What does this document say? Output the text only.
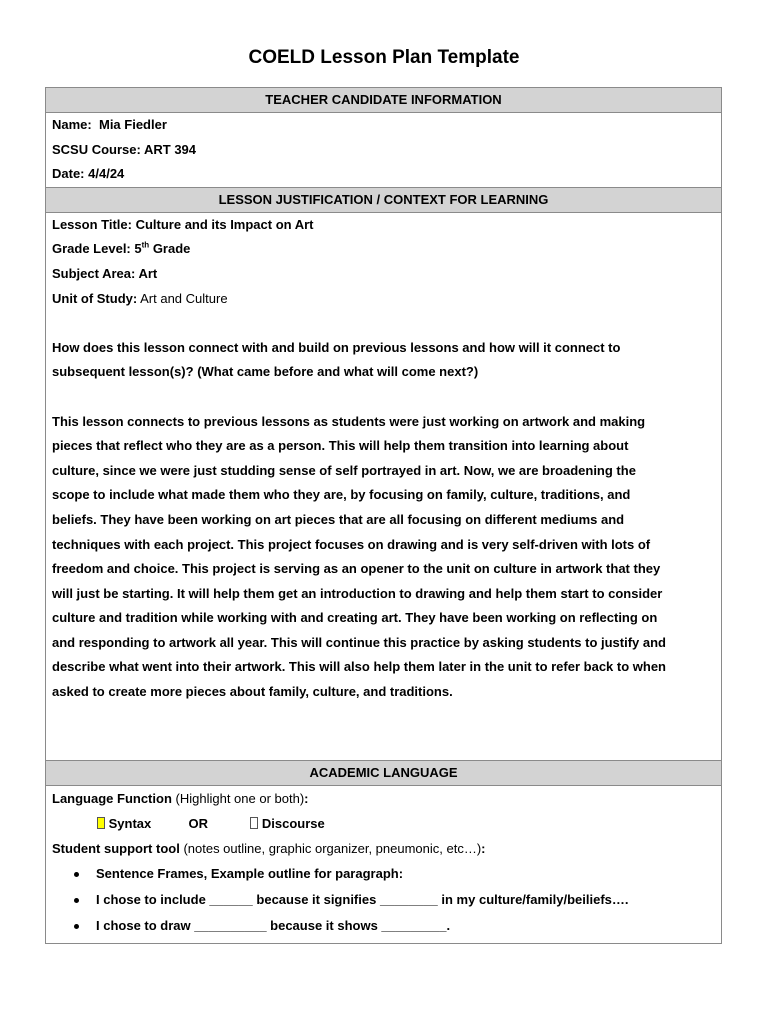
COELD Lesson Plan Template
TEACHER CANDIDATE INFORMATION
Name: Mia Fiedler
SCSU Course: ART 394
Date: 4/4/24
LESSON JUSTIFICATION / CONTEXT FOR LEARNING
Lesson Title: Culture and its Impact on Art
Grade Level: 5th Grade
Subject Area: Art
Unit of Study: Art and Culture
How does this lesson connect with and build on previous lessons and how will it connect to
subsequent lesson(s)? (What came before and what will come next?)
This lesson connects to previous lessons as students were just working on artwork and making
pieces that reflect who they are as a person. This will help them transition into learning about
culture, since we were just studding sense of self portrayed in art. Now, we are broadening the
scope to include what made them who they are, by focusing on family, culture, traditions, and
beliefs. They have been working on art pieces that are all focusing on different mediums and
techniques with each project. This project focuses on drawing and is very self-driven with lots of
freedom and choice. This project is serving as an opener to the unit on culture in artwork that they
will just be starting. It will help them get an introduction to drawing and help them start to consider
culture and tradition while working with and creating art. They have been working on reflecting on
and responding to artwork all year. This will continue this practice by asking students to justify and
describe what went into their artwork. This will also help them later in the unit to refer back to when
asked to create more pieces about family, culture, and traditions.
ACADEMIC LANGUAGE
Language Function (Highlight one or both):
Syntax	OR	Discourse
Student support tool (notes outline, graphic organizer, pneumonic, etc…):
Sentence Frames, Example outline for paragraph:
I chose to include ______ because it signifies ________ in my culture/family/beiliefs….
I chose to draw __________ because it shows _________.
